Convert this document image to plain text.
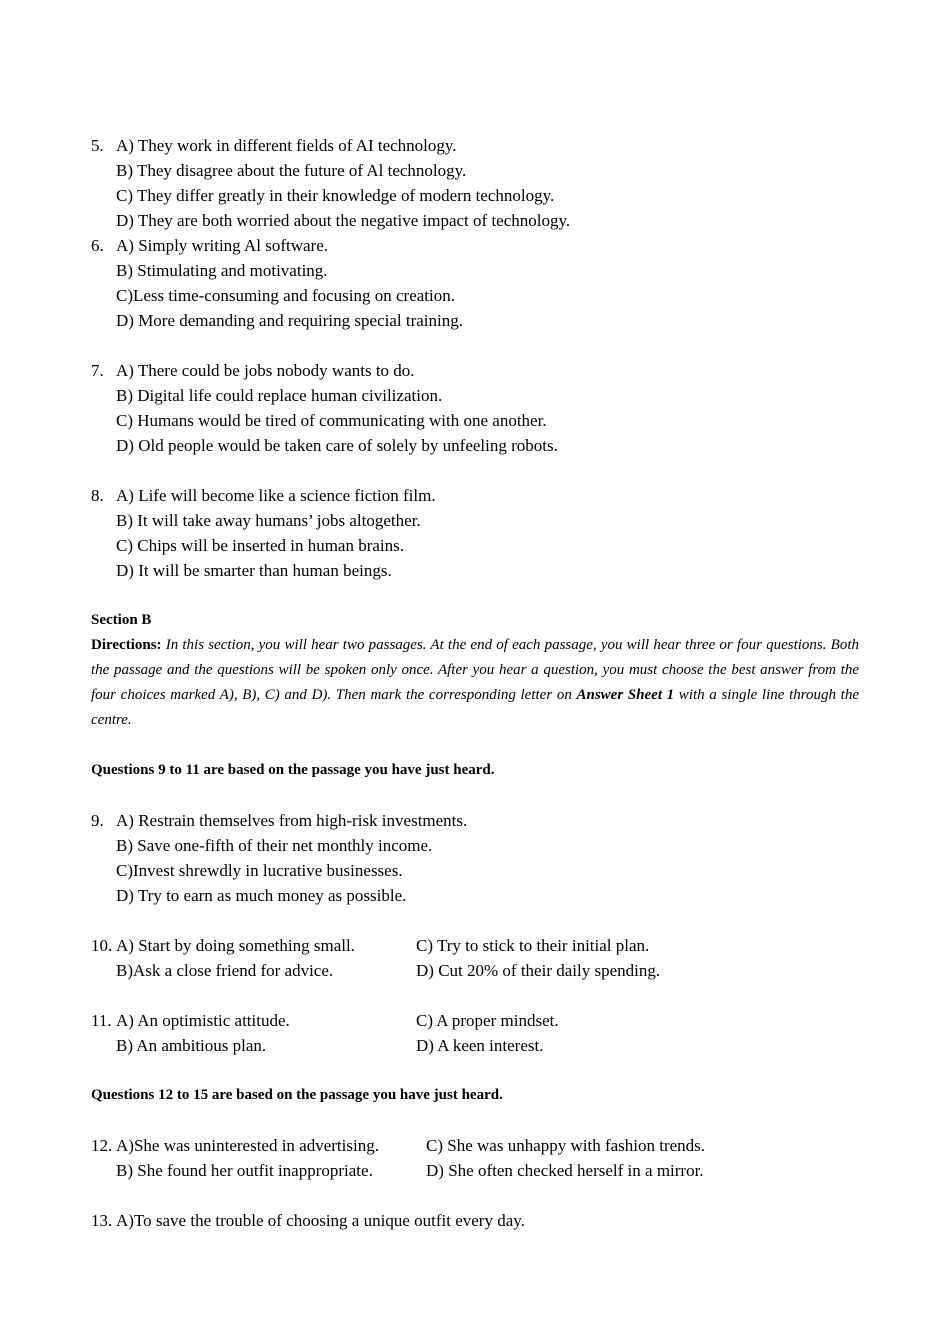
5. A) They work in different fields of AI technology.
B) They disagree about the future of Al technology.
C) They differ greatly in their knowledge of modern technology.
D) They are both worried about the negative impact of technology.
6. A) Simply writing Al software.
B) Stimulating and motivating.
C)Less time-consuming and focusing on creation.
D) More demanding and requiring special training.
7. A) There could be jobs nobody wants to do.
B) Digital life could replace human civilization.
C) Humans would be tired of communicating with one another.
D) Old people would be taken care of solely by unfeeling robots.
8. A) Life will become like a science fiction film.
B) It will take away humans’ jobs altogether.
C) Chips will be inserted in human brains.
D) It will be smarter than human beings.
Section B
Directions: In this section, you will hear two passages. At the end of each passage, you will hear three or four questions. Both the passage and the questions will be spoken only once. After you hear a question, you must choose the best answer from the four choices marked A), B), C) and D). Then mark the corresponding letter on Answer Sheet 1 with a single line through the centre.
Questions 9 to 11 are based on the passage you have just heard.
9. A) Restrain themselves from high-risk investments.
B) Save one-fifth of their net monthly income.
C)Invest shrewdly in lucrative businesses.
D) Try to earn as much money as possible.
10. A) Start by doing something small.	C) Try to stick to their initial plan.
B)Ask a close friend for advice.	D) Cut 20% of their daily spending.
11. A) An optimistic attitude.	C) A proper mindset.
B) An ambitious plan.	D) A keen interest.
Questions 12 to 15 are based on the passage you have just heard.
12. A)She was uninterested in advertising.	C) She was unhappy with fashion trends.
B) She found her outfit inappropriate.	D) She often checked herself in a mirror.
13. A)To save the trouble of choosing a unique outfit every day.
